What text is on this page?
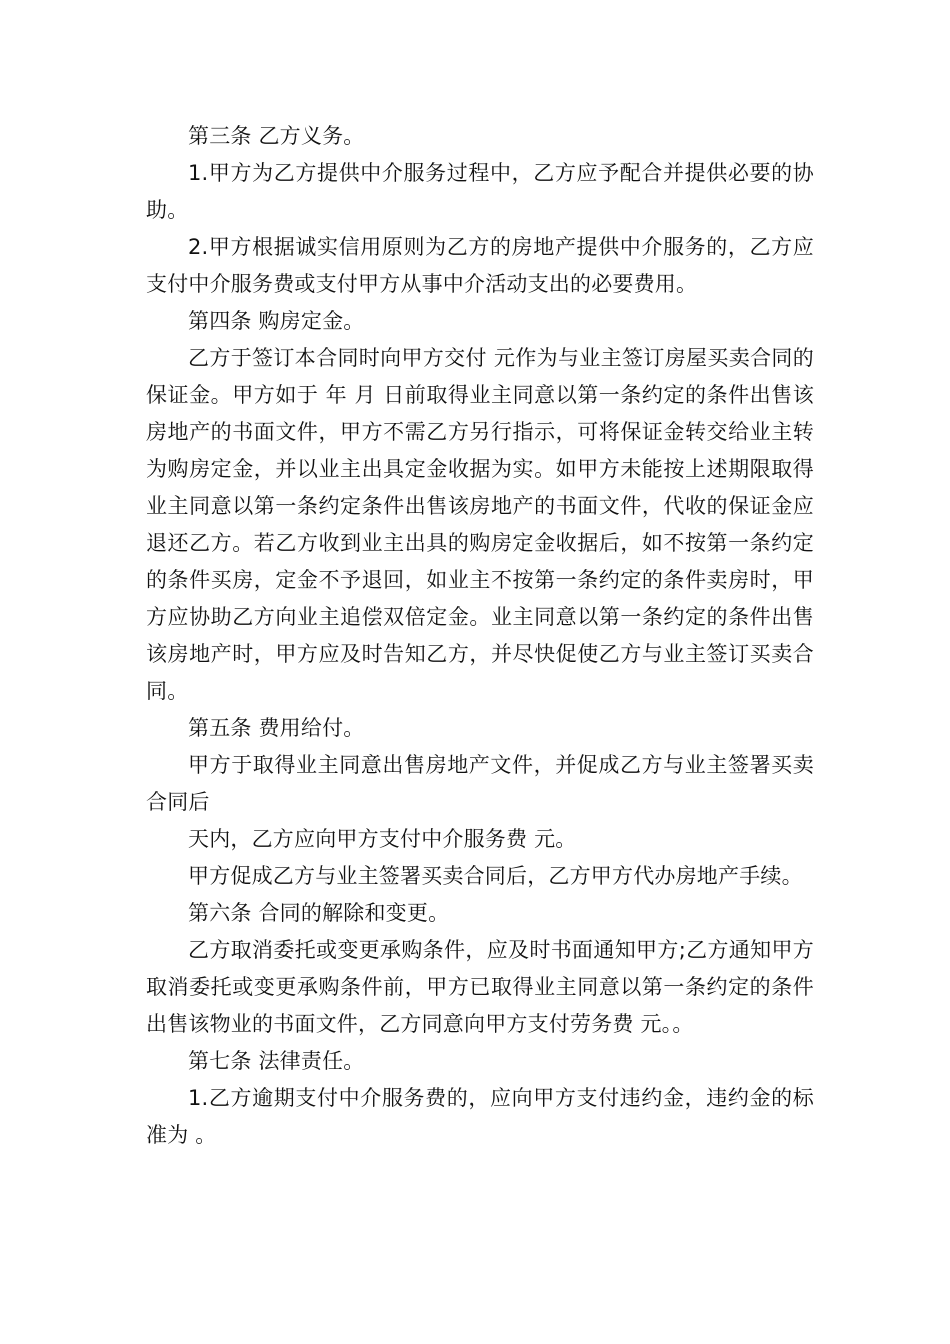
第三条 乙方义务。

1.甲方为乙方提供中介服务过程中，乙方应予配合并提供必要的协助。

2.甲方根据诚实信用原则为乙方的房地产提供中介服务的，乙方应支付中介服务费或支付甲方从事中介活动支出的必要费用。

第四条 购房定金。

乙方于签订本合同时向甲方交付 元作为与业主签订房屋买卖合同的保证金。甲方如于 年 月 日前取得业主同意以第一条约定的条件出售该房地产的书面文件，甲方不需乙方另行指示，可将保证金转交给业主转为购房定金，并以业主出具定金收据为实。如甲方未能按上述期限取得业主同意以第一条约定条件出售该房地产的书面文件，代收的保证金应退还乙方。若乙方收到业主出具的购房定金收据后，如不按第一条约定的条件买房，定金不予退回，如业主不按第一条约定的条件卖房时，甲方应协助乙方向业主追偿双倍定金。业主同意以第一条约定的条件出售该房地产时，甲方应及时告知乙方，并尽快促使乙方与业主签订买卖合同。

第五条 费用给付。

甲方于取得业主同意出售房地产文件，并促成乙方与业主签署买卖合同后

天内，乙方应向甲方支付中介服务费 元。

甲方促成乙方与业主签署买卖合同后，乙方甲方代办房地产手续。

第六条 合同的解除和变更。

乙方取消委托或变更承购条件，应及时书面通知甲方;乙方通知甲方取消委托或变更承购条件前，甲方已取得业主同意以第一条约定的条件出售该物业的书面文件，乙方同意向甲方支付劳务费 元。。

第七条 法律责任。

1.乙方逾期支付中介服务费的，应向甲方支付违约金，违约金的标准为 。
